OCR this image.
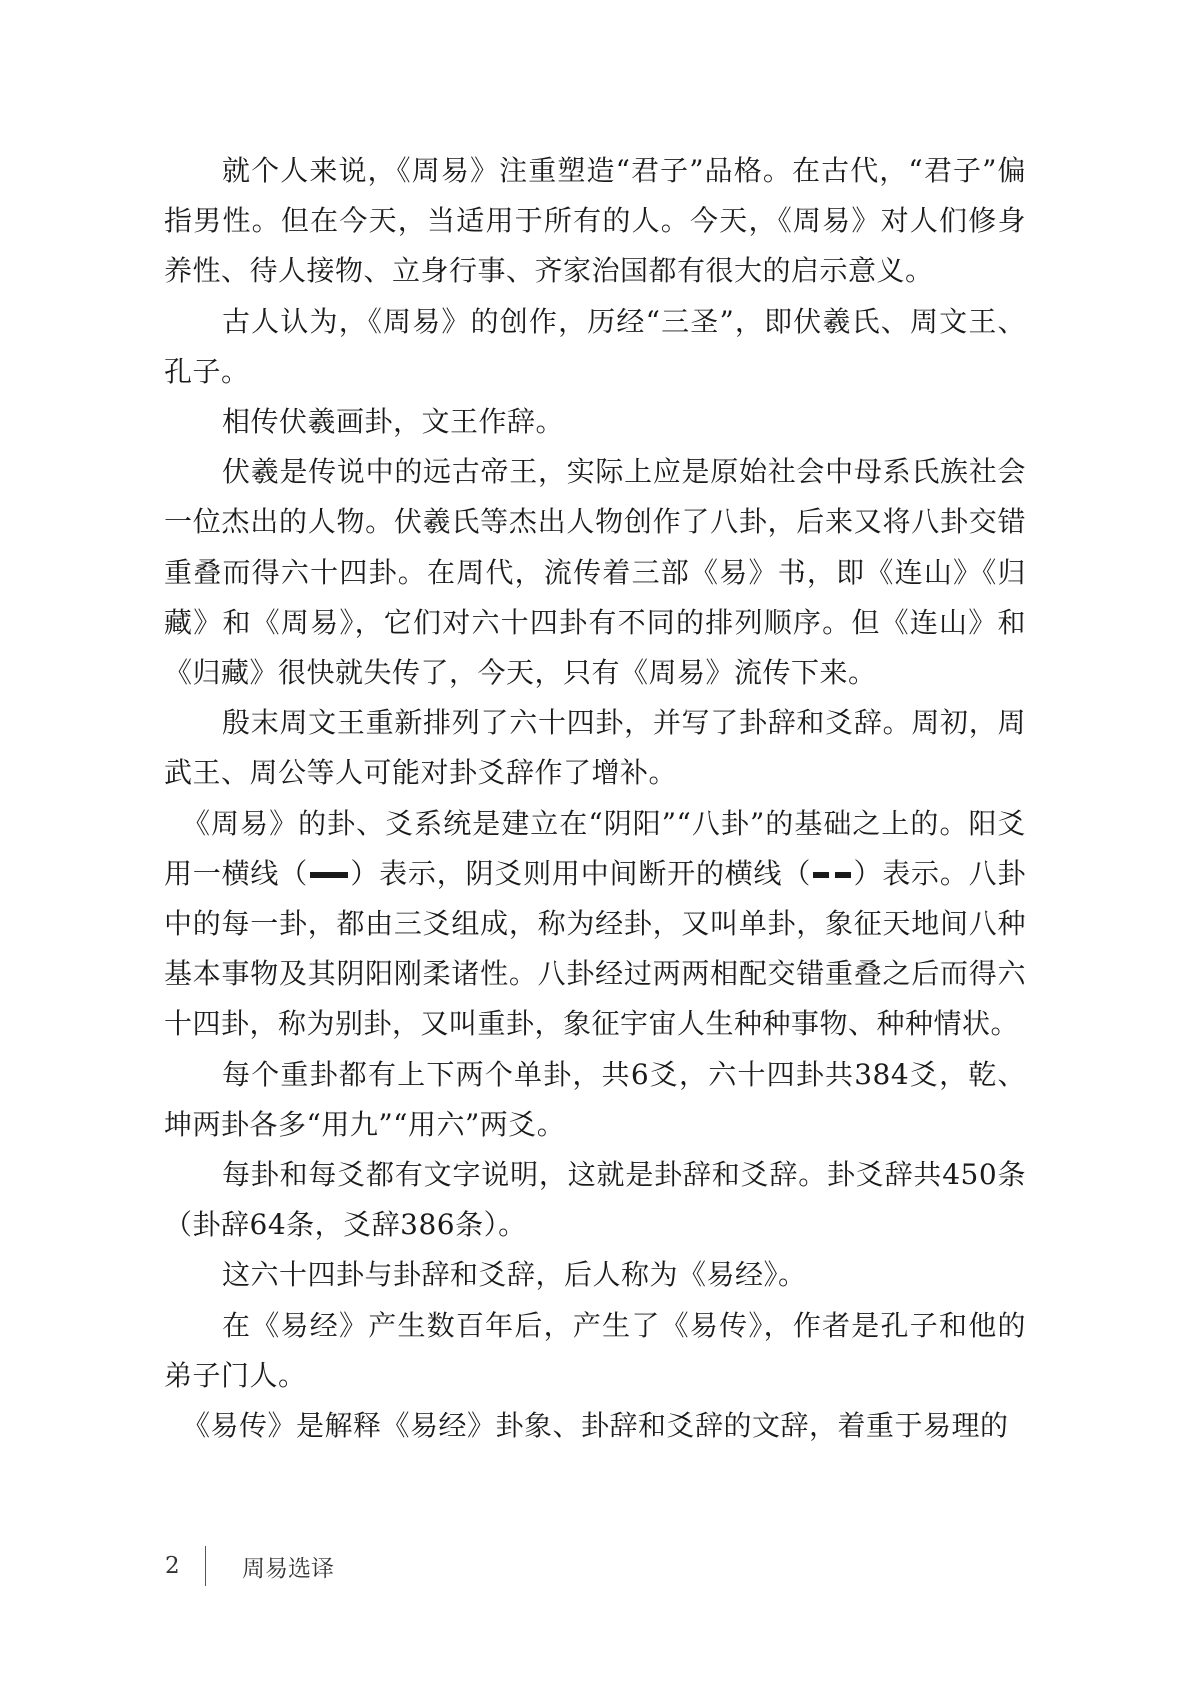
就个人来说，《周易》注重塑造“君子”品格。在古代，“君子”偏指男性。但在今天，当适用于所有的人。今天，《周易》对人们修身养性、待人接物、立身行事、齐家治国都有很大的启示意义。

古人认为，《周易》的创作，历经“三圣”，即伏羲氏、周文王、孔子。

相传伏羲画卦，文王作辞。

伏羲是传说中的远古帝王，实际上应是原始社会中母系氏族社会一位杰出的人物。伏羲氏等杰出人物创作了八卦，后来又将八卦交错重叠而得六十四卦。在周代，流传着三部《易》书，即《连山》《归藏》和《周易》，它们对六十四卦有不同的排列顺序。但《连山》和《归藏》很快就失传了，今天，只有《周易》流传下来。

殷末周文王重新排列了六十四卦，并写了卦辞和爻辞。周初，周武王、周公等人可能对卦爻辞作了增补。

《周易》的卦、爻系统是建立在“阴阳”“八卦”的基础之上的。阳爻用一横线（ ）表示，阴爻则用中间断开的横线（ ）表示。八卦中的每一卦，都由三爻组成，称为经卦，又叫单卦，象征天地间八种基本事物及其阴阳刚柔诸性。八卦经过两两相配交错重叠之后而得六十四卦，称为别卦，又叫重卦，象征宇宙人生种种事物、种种情状。

每个重卦都有上下两个单卦，共6爻，六十四卦共384爻，乾、坤两卦各多“用九”“用六”两爻。

每卦和每爻都有文字说明，这就是卦辞和爻辞。卦爻辞共450条（卦辞64条，爻辞386条）。

这六十四卦与卦辞和爻辞，后人称为《易经》。

在《易经》产生数百年后，产生了《易传》，作者是孔子和他的弟子门人。

《易传》是解释《易经》卦象、卦辞和爻辞的文辞，着重于易理的

2	周易选译
